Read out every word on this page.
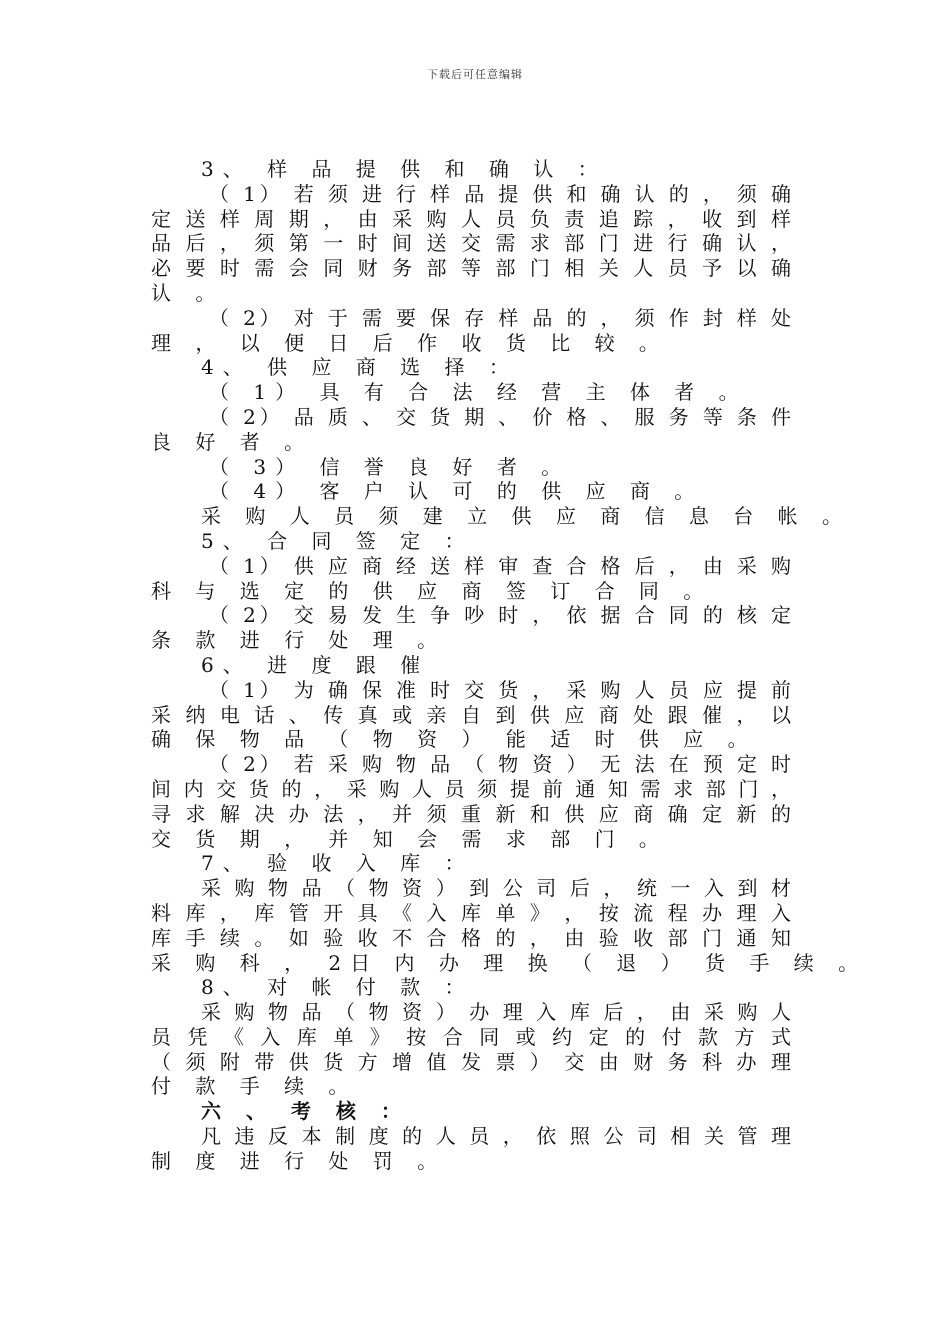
下载后可任意编辑
3、 样 品 提 供 和 确 认 ：
（ 1） 若 须 进 行 样 品 提 供 和 确 认 的 ， 须 确
定 送 样 周 期 ， 由 采 购 人 员 负 责 追 踪 ， 收 到 样
品 后 ， 须 第 一 时 间 送 交 需 求 部 门 进 行 确 认 ，
必 要 时 需 会 同 财 务 部 等 部 门 相 关 人 员 予 以 确
认 。
（ 2） 对 于 需 要 保 存 样 品 的 ， 须 作 封 样 处
理 ， 以 便 日 后 作 收 货 比 较 。
4、 供 应 商 选 择 ：
（ 1） 具 有 合 法 经 营 主 体 者 。
（ 2） 品 质 、 交 货 期 、 价 格 、 服 务 等 条 件
良 好 者 。
（ 3） 信 誉 良 好 者 。
（ 4） 客 户 认 可 的 供 应 商 。
采 购 人 员 须 建 立 供 应 商 信 息 台 帐 。
5、 合 同 签 定 ：
（ 1） 供 应 商 经 送 样 审 查 合 格 后 ， 由 采 购
科 与 选 定 的 供 应 商 签 订 合 同 。
（ 2） 交 易 发 生 争 吵 时 ， 依 据 合 同 的 核 定
条 款 进 行 处 理 。
6、 进 度 跟 催
（ 1） 为 确 保 准 时 交 货 ， 采 购 人 员 应 提 前
采 纳 电 话 、 传 真 或 亲 自 到 供 应 商 处 跟 催 ， 以
确 保 物 品 （ 物 资 ） 能 适 时 供 应 。
（ 2） 若 采 购 物 品 （ 物 资 ） 无 法 在 预 定 时
间 内 交 货 的 ， 采 购 人 员 须 提 前 通 知 需 求 部 门 ，
寻 求 解 决 办 法 ， 并 须 重 新 和 供 应 商 确 定 新 的
交 货 期 ， 并 知 会 需 求 部 门 。
7、 验 收 入 库 ：
采 购 物 品 （ 物 资 ） 到 公 司 后 ， 统 一 入 到 材
料 库 ， 库 管 开 具 《 入 库 单 》 ， 按 流 程 办 理 入
库 手 续 。 如 验 收 不 合 格 的 ， 由 验 收 部 门 通 知
采 购 科 ， 2日 内 办 理 换 （ 退 ） 货 手 续 。
8、 对 帐 付 款 ：
采 购 物 品 （ 物 资 ） 办 理 入 库 后 ， 由 采 购 人
员 凭 《 入 库 单 》 按 合 同 或 约 定 的 付 款 方 式
（ 须 附 带 供 货 方 增 值 发 票 ） 交 由 财 务 科 办 理
付 款 手 续 。
六 、 考 核 ：
凡 违 反 本 制 度 的 人 员 ， 依 照 公 司 相 关 管 理
制 度 进 行 处 罚 。
